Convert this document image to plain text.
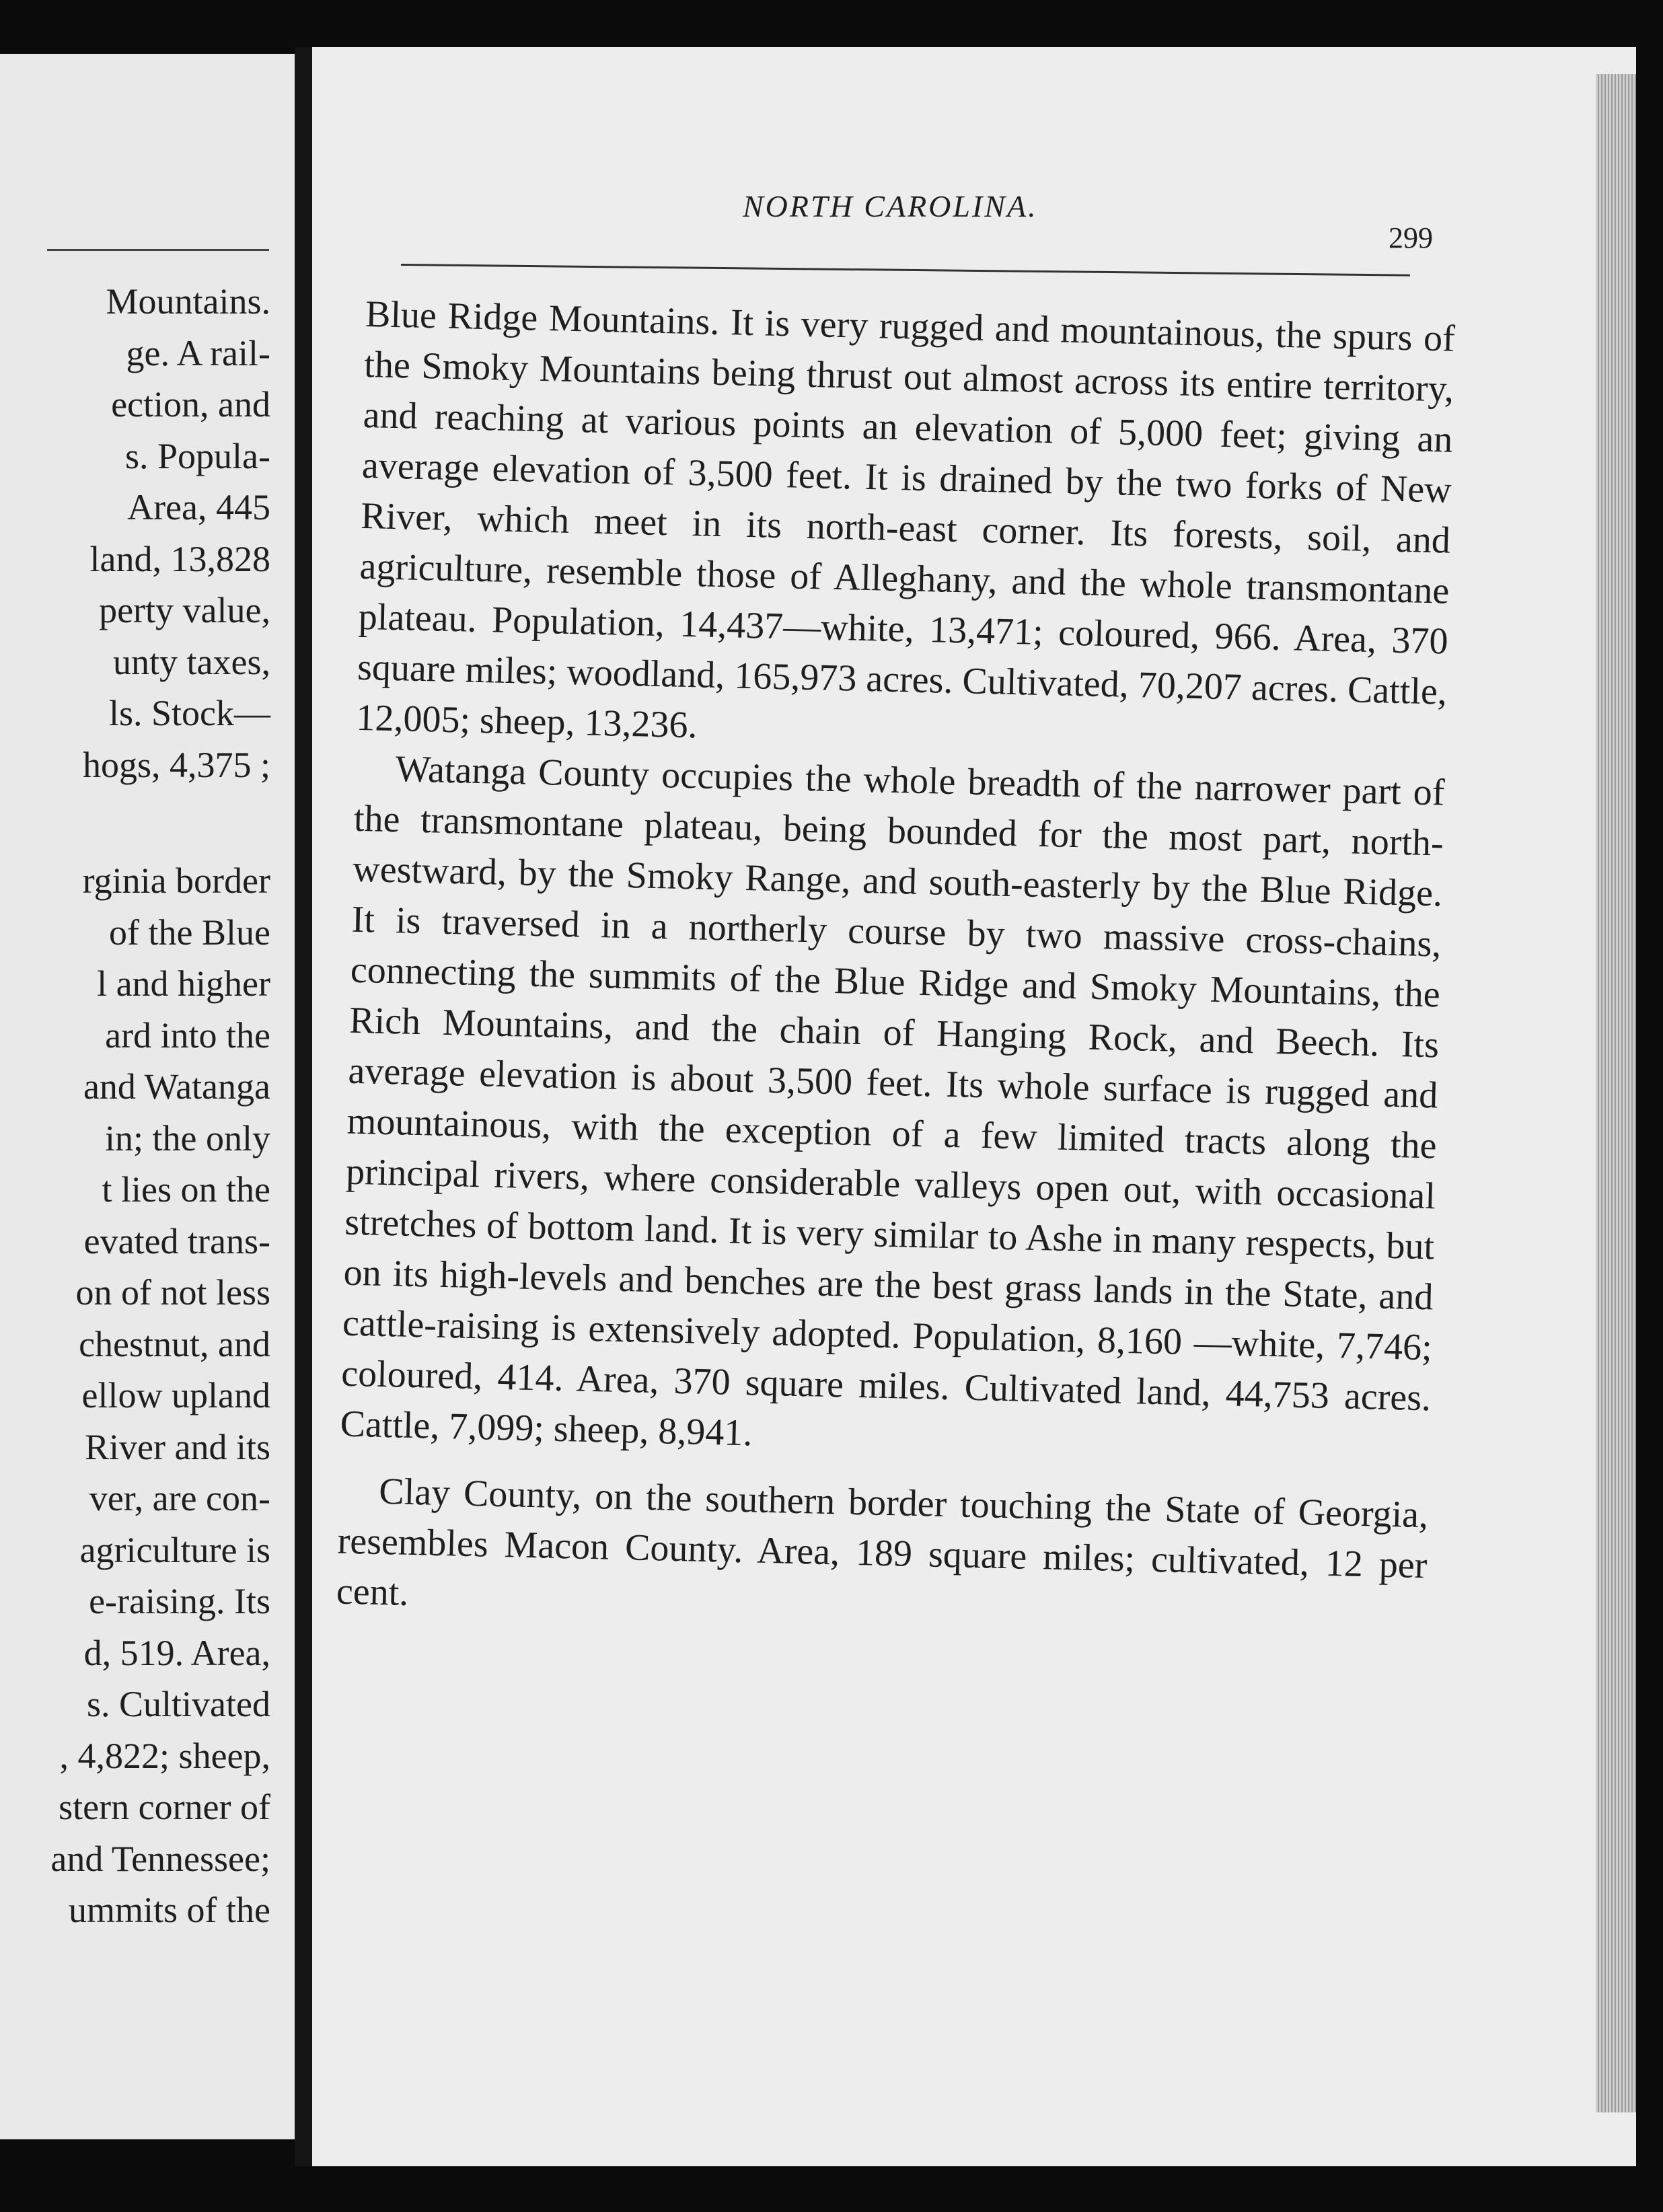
Mountains.
ge. A rail-
ection, and
s. Popula-
Area, 445
land, 13,828
perty value,
unty taxes,
ls. Stock—
hogs, 4,375 ;
rginia border
of the Blue
l and higher
ard into the
and Watanga
in; the only
t lies on the
evated trans-
on of not less
chestnut, and
ellow upland
River and its
ver, are con-
agriculture is
e-raising. Its
d, 519. Area,
s. Cultivated
, 4,822; sheep,
stern corner of
and Tennessee;
ummits of the
NORTH CAROLINA.
299

Blue Ridge Mountains. It is very rugged and mountainous, the spurs of the Smoky Mountains being thrust out almost across its entire territory, and reaching at various points an elevation of 5,000 feet; giving an average elevation of 3,500 feet. It is drained by the two forks of New River, which meet in its north-east corner. Its forests, soil, and agriculture, resemble those of Alleghany, and the whole transmontane plateau. Population, 14,437—white, 13,471; coloured, 966. Area, 370 square miles; woodland, 165,973 acres. Cultivated, 70,207 acres. Cattle, 12,005; sheep, 13,236.

Watanga County occupies the whole breadth of the narrower part of the transmontane plateau, being bounded for the most part, north-westward, by the Smoky Range, and south-easterly by the Blue Ridge. It is traversed in a northerly course by two massive cross-chains, connecting the summits of the Blue Ridge and Smoky Mountains, the Rich Mountains, and the chain of Hanging Rock, and Beech. Its average elevation is about 3,500 feet. Its whole surface is rugged and mountainous, with the exception of a few limited tracts along the principal rivers, where considerable valleys open out, with occasional stretches of bottom land. It is very similar to Ashe in many respects, but on its high-levels and benches are the best grass lands in the State, and cattle-raising is extensively adopted. Population, 8,160 —white, 7,746; coloured, 414. Area, 370 square miles. Cultivated land, 44,753 acres. Cattle, 7,099; sheep, 8,941.

Clay County, on the southern border touching the State of Georgia, resembles Macon County. Area, 189 square miles; cultivated, 12 per cent.
